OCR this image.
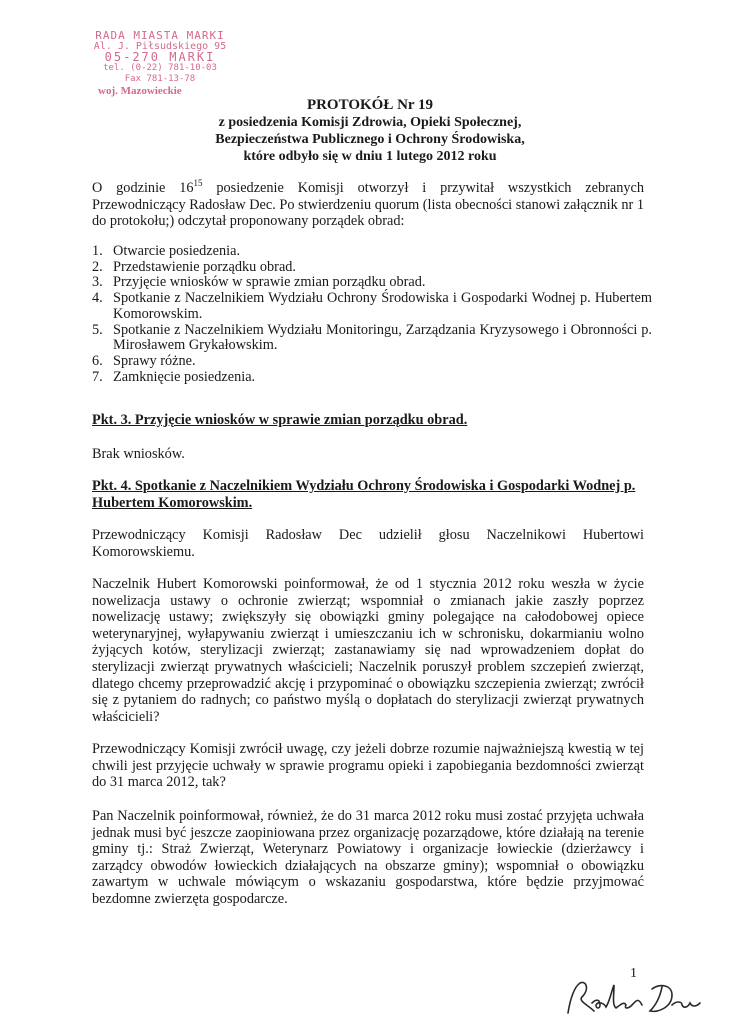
RADA MIASTA MARKI
Al. J. Piłsudskiego 95
05-270 MARKI
tel. (0-22) 781-10-03
Fax 781-13-78
woj. Mazowieckie
PROTOKÓŁ Nr 19
z posiedzenia Komisji Zdrowia, Opieki Społecznej,
Bezpieczeństwa Publicznego i Ochrony Środowiska,
które odbyło się w dniu 1 lutego 2012 roku
O godzinie $16^{15}$ posiedzenie Komisji otworzył i przywitał wszystkich zebranych Przewodniczący Radosław Dec. Po stwierdzeniu quorum (lista obecności stanowi załącznik nr 1 do protokołu;) odczytał proponowany porządek obrad:
1. Otwarcie posiedzenia.
2. Przedstawienie porządku obrad.
3. Przyjęcie wniosków w sprawie zmian porządku obrad.
4. Spotkanie z Naczelnikiem Wydziału Ochrony Środowiska i Gospodarki Wodnej p. Hubertem Komorowskim.
5. Spotkanie z Naczelnikiem Wydziału Monitoringu, Zarządzania Kryzysowego i Obronności p. Mirosławem Grykałowskim.
6. Sprawy różne.
7. Zamknięcie posiedzenia.
Pkt. 3. Przyjęcie wniosków w sprawie zmian porządku obrad.
Brak wniosków.
Pkt. 4. Spotkanie z Naczelnikiem Wydziału Ochrony Środowiska i Gospodarki Wodnej p. Hubertem Komorowskim.
Przewodniczący Komisji Radosław Dec udzielił głosu Naczelnikowi Hubertowi Komorowskiemu.
Naczelnik Hubert Komorowski poinformował, że od 1 stycznia 2012 roku weszła w życie nowelizacja ustawy o ochronie zwierząt; wspomniał o zmianach jakie zaszły poprzez nowelizację ustawy; zwiększyły się obowiązki gminy polegające na całodobowej opiece weterynaryjnej, wyłapywaniu zwierząt i umieszczaniu ich w schronisku, dokarmianiu wolno żyjących kotów, sterylizacji zwierząt; zastanawiamy się nad wprowadzeniem dopłat do sterylizacji zwierząt prywatnych właścicieli; Naczelnik poruszył problem szczepień zwierząt, dlatego chcemy przeprowadzić akcję i przypominać o obowiązku szczepienia zwierząt; zwrócił się z pytaniem do radnych; co państwo myślą o dopłatach do sterylizacji zwierząt prywatnych właścicieli?
Przewodniczący Komisji zwrócił uwagę, czy jeżeli dobrze rozumie najważniejszą kwestią w tej chwili jest przyjęcie uchwały w sprawie programu opieki i zapobiegania bezdomności zwierząt do 31 marca 2012, tak?
Pan Naczelnik poinformował, również, że do 31 marca 2012 roku musi zostać przyjęta uchwała jednak musi być jeszcze zaopiniowana przez organizację pozarządowe, które działają na terenie gminy tj.: Straż Zwierząt, Weterynarz Powiatowy i organizacje łowieckie (dzierżawcy i zarządcy obwodów łowieckich działających na obszarze gminy); wspomniał o obowiązku zawartym w uchwale mówiącym o wskazaniu gospodarstwa, które będzie przyjmować bezdomne zwierzęta gospodarcze.
1
